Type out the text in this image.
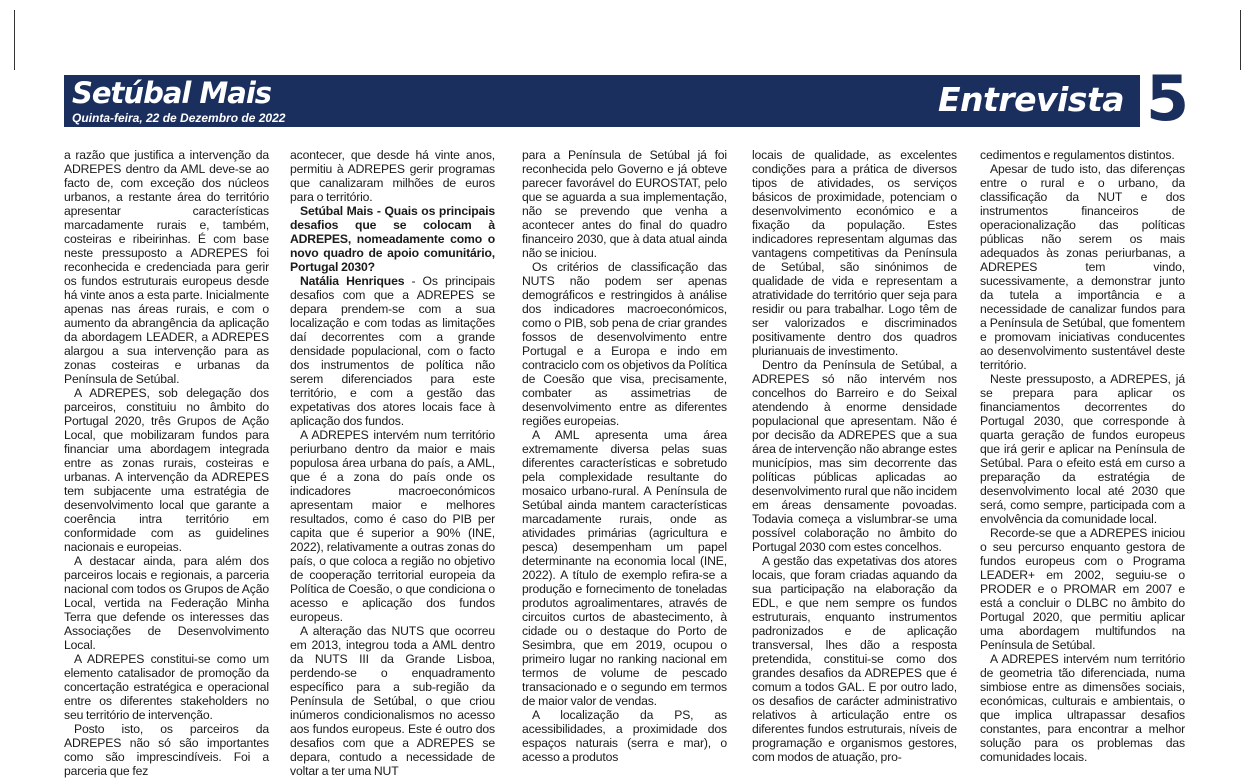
Setúbal Mais
Quinta-feira, 22 de Dezembro de 2022	Entrevista 5

a razão que justifica a intervenção da ADREPES dentro da AML deve-se ao facto de, com exceção dos núcleos urbanos, a restante área do território apresentar características marcadamente rurais e, também, costeiras e ribeirinhas. É com base neste pressuposto a ADREPES foi reconhecida e credenciada para gerir os fundos estruturais europeus desde há vinte anos a esta parte. Inicialmente apenas nas áreas rurais, e com o aumento da abrangência da aplicação da abordagem LEADER, a ADREPES alargou a sua intervenção para as zonas costeiras e urbanas da Península de Setúbal.

A ADREPES, sob delegação dos parceiros, constituiu no âmbito do Portugal 2020, três Grupos de Ação Local, que mobilizaram fundos para financiar uma abordagem integrada entre as zonas rurais, costeiras e urbanas. A intervenção da ADREPES tem subjacente uma estratégia de desenvolvimento local que garante a coerência intra território em conformidade com as guidelines nacionais e europeias.

A destacar ainda, para além dos parceiros locais e regionais, a parceria nacional com todos os Grupos de Ação Local, vertida na Federação Minha Terra que defende os interesses das Associações de Desenvolvimento Local.

A ADREPES constitui-se como um elemento catalisador de promoção da concertação estratégica e operacional entre os diferentes stakeholders no seu território de intervenção.

Posto isto, os parceiros da ADREPES não só são importantes como são imprescindíveis. Foi a parceria que fez

acontecer, que desde há vinte anos, permitiu à ADREPES gerir programas que canalizaram milhões de euros para o território.

Setúbal Mais - Quais os principais desafios que se colocam à ADREPES, nomeadamente como o novo quadro de apoio comunitário, Portugal 2030?

Natália Henriques - Os principais desafios com que a ADREPES se depara prendem-se com a sua localização e com todas as limitações daí decorrentes com a grande densidade populacional, com o facto dos instrumentos de política não serem diferenciados para este território, e com a gestão das expetativas dos atores locais face à aplicação dos fundos.

A ADREPES intervém num território periurbano dentro da maior e mais populosa área urbana do país, a AML, que é a zona do país onde os indicadores macroeconómicos apresentam maior e melhores resultados, como é caso do PIB per capita que é superior a 90% (INE, 2022), relativamente a outras zonas do país, o que coloca a região no objetivo de cooperação territorial europeia da Política de Coesão, o que condiciona o acesso e aplicação dos fundos europeus.

A alteração das NUTS que ocorreu em 2013, integrou toda a AML dentro da NUTS III da Grande Lisboa, perdendo-se o enquadramento específico para a sub-região da Península de Setúbal, o que criou inúmeros condicionalismos no acesso aos fundos europeus. Este é outro dos desafios com que a ADREPES se depara, contudo a necessidade de voltar a ter uma NUT

para a Península de Setúbal já foi reconhecida pelo Governo e já obteve parecer favorável do EUROSTAT, pelo que se aguarda a sua implementação, não se prevendo que venha a acontecer antes do final do quadro financeiro 2030, que à data atual ainda não se iniciou.

Os critérios de classificação das NUTS não podem ser apenas demográficos e restringidos à análise dos indicadores macroeconómicos, como o PIB, sob pena de criar grandes fossos de desenvolvimento entre Portugal e a Europa e indo em contraciclo com os objetivos da Política de Coesão que visa, precisamente, combater as assimetrias de desenvolvimento entre as diferentes regiões europeias.

A AML apresenta uma área extremamente diversa pelas suas diferentes características e sobretudo pela complexidade resultante do mosaico urbano-rural. A Península de Setúbal ainda mantem características marcadamente rurais, onde as atividades primárias (agricultura e pesca) desempenham um papel determinante na economia local (INE, 2022). A título de exemplo refira-se a produção e fornecimento de toneladas produtos agroalimentares, através de circuitos curtos de abastecimento, à cidade ou o destaque do Porto de Sesimbra, que em 2019, ocupou o primeiro lugar no ranking nacional em termos de volume de pescado transacionado e o segundo em termos de maior valor de vendas.

A localização da PS, as acessibilidades, a proximidade dos espaços naturais (serra e mar), o acesso a produtos

locais de qualidade, as excelentes condições para a prática de diversos tipos de atividades, os serviços básicos de proximidade, potenciam o desenvolvimento económico e a fixação da população. Estes indicadores representam algumas das vantagens competitivas da Península de Setúbal, são sinónimos de qualidade de vida e representam a atratividade do território quer seja para residir ou para trabalhar. Logo têm de ser valorizados e discriminados positivamente dentro dos quadros plurianuais de investimento.

Dentro da Península de Setúbal, a ADREPES só não intervém nos concelhos do Barreiro e do Seixal atendendo à enorme densidade populacional que apresentam. Não é por decisão da ADREPES que a sua área de intervenção não abrange estes municípios, mas sim decorrente das políticas públicas aplicadas ao desenvolvimento rural que não incidem em áreas densamente povoadas. Todavia começa a vislumbrar-se uma possível colaboração no âmbito do Portugal 2030 com estes concelhos.

A gestão das expetativas dos atores locais, que foram criadas aquando da sua participação na elaboração da EDL, e que nem sempre os fundos estruturais, enquanto instrumentos padronizados e de aplicação transversal, lhes dão a resposta pretendida, constitui-se como dos grandes desafios da ADREPES que é comum a todos GAL. E por outro lado, os desafios de carácter administrativo relativos à articulação entre os diferentes fundos estruturais, níveis de programação e organismos gestores, com modos de atuação, pro-

cedimentos e regulamentos distintos.

Apesar de tudo isto, das diferenças entre o rural e o urbano, da classificação da NUT e dos instrumentos financeiros de operacionalização das políticas públicas não serem os mais adequados às zonas periurbanas, a ADREPES tem vindo, sucessivamente, a demonstrar junto da tutela a importância e a necessidade de canalizar fundos para a Península de Setúbal, que fomentem e promovam iniciativas conducentes ao desenvolvimento sustentável deste território.

Neste pressuposto, a ADREPES, já se prepara para aplicar os financiamentos decorrentes do Portugal 2030, que corresponde à quarta geração de fundos europeus que irá gerir e aplicar na Península de Setúbal. Para o efeito está em curso a preparação da estratégia de desenvolvimento local até 2030 que será, como sempre, participada com a envolvência da comunidade local.

Recorde-se que a ADREPES iniciou o seu percurso enquanto gestora de fundos europeus com o Programa LEADER+ em 2002, seguiu-se o PRODER e o PROMAR em 2007 e está a concluir o DLBC no âmbito do Portugal 2020, que permitiu aplicar uma abordagem multifundos na Península de Setúbal.

A ADREPES intervém num território de geometria tão diferenciada, numa simbiose entre as dimensões sociais, económicas, culturais e ambientais, o que implica ultrapassar desafios constantes, para encontrar a melhor solução para os problemas das comunidades locais.
